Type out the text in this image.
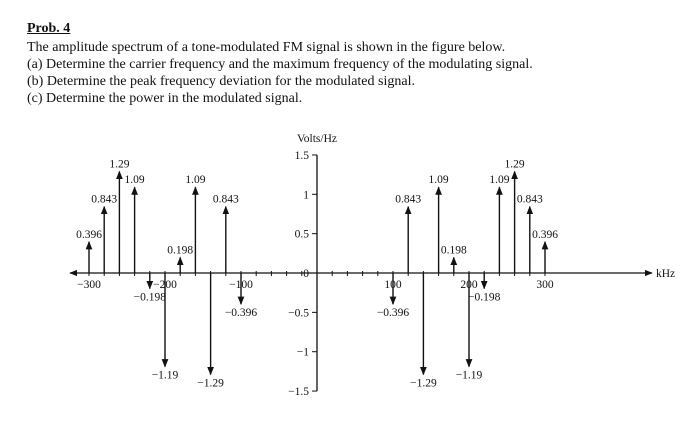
Prob. 4
The amplitude spectrum of a tone-modulated FM signal is shown in the figure below.
(a) Determine the carrier frequency and the maximum frequency of the modulating signal.
(b) Determine the peak frequency deviation for the modulated signal.
(c) Determine the power in the modulated signal.
−300	−200	−100	100	200	300
1.5
1
0.5
0
−0.5
−1
−1.5
0.396
0.843
1.29
1.09
−0.198
−1.19
0.198
1.09
−1.29
0.843
−0.396	−0.396
0.843
−1.29
1.09
0.198
−1.19
−0.198
1.09
1.29
0.843
0.396
Volts/Hz
kHz
